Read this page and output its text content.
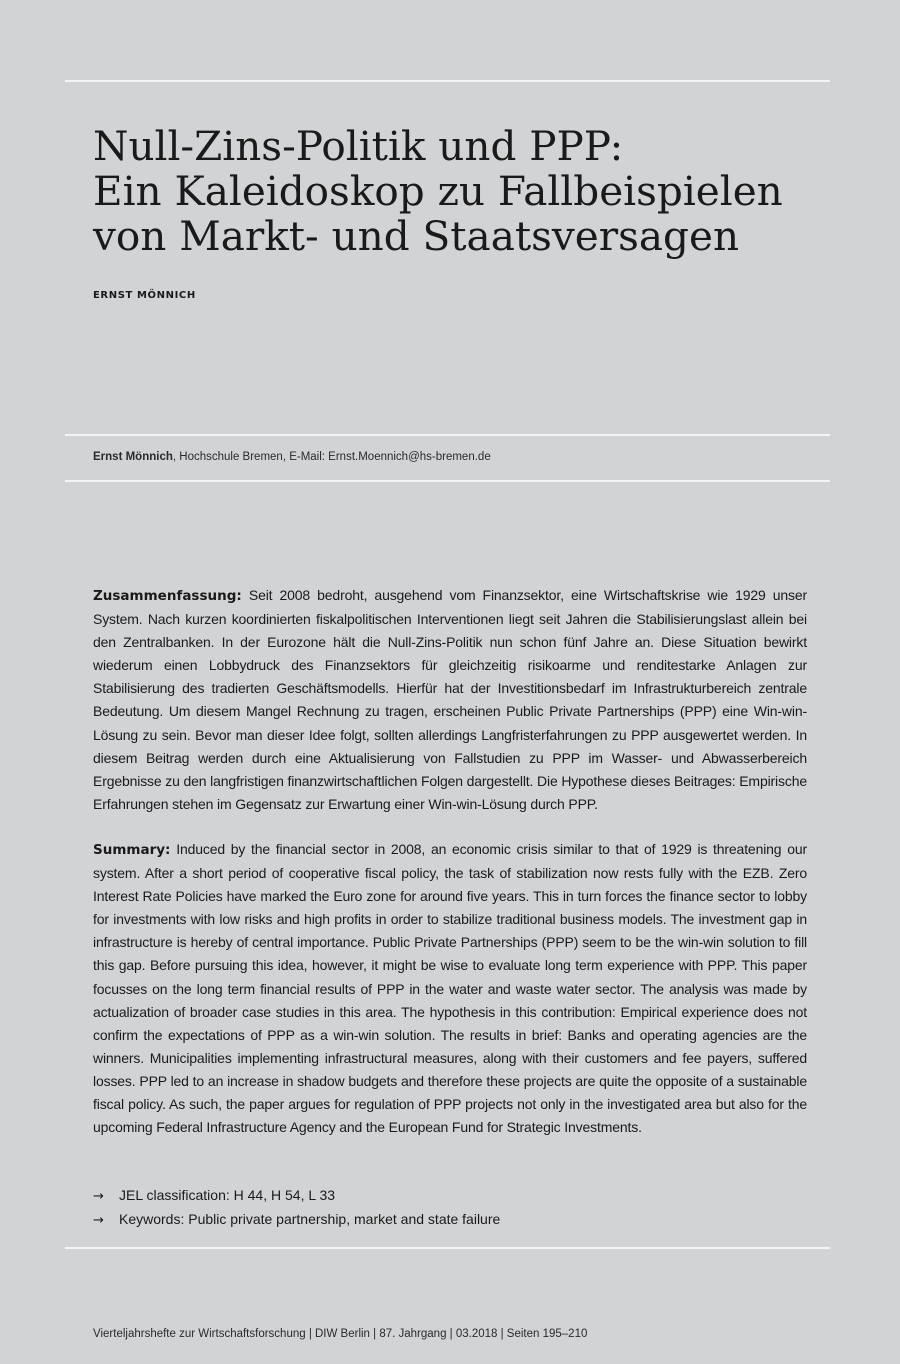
Null-Zins-Politik und PPP:
Ein Kaleidoskop zu Fallbeispielen
von Markt- und Staatsversagen
ERNST MÖNNICH
Ernst Mönnich, Hochschule Bremen, E-Mail: Ernst.Moennich@hs-bremen.de

Zusammenfassung: Seit 2008 bedroht, ausgehend vom Finanzsektor, eine Wirtschaftskrise wie 1929 unser System. Nach kurzen koordinierten fiskalpolitischen Interventionen liegt seit Jahren die Stabilisierungslast allein bei den Zentralbanken. In der Eurozone hält die Null-Zins-Politik nun schon fünf Jahre an. Diese Situation bewirkt wiederum einen Lobbydruck des Finanzsektors für gleichzeitig risikoarme und renditestarke Anlagen zur Stabilisierung des tradierten Geschäftsmodells. Hierfür hat der Investitionsbedarf im Infrastrukturbereich zentrale Bedeutung. Um diesem Mangel Rechnung zu tragen, erscheinen Public Private Partnerships (PPP) eine Win-win-Lösung zu sein. Bevor man dieser Idee folgt, sollten allerdings Langfristerfahrungen zu PPP ausgewertet werden. In diesem Beitrag werden durch eine Aktualisierung von Fallstudien zu PPP im Wasser- und Abwasserbereich Ergebnisse zu den langfristigen finanzwirtschaftlichen Folgen dargestellt. Die Hypothese dieses Beitrages: Empirische Erfahrungen stehen im Gegensatz zur Erwartung einer Win-win-Lösung durch PPP.

Summary: Induced by the financial sector in 2008, an economic crisis similar to that of 1929 is threatening our system. After a short period of cooperative fiscal policy, the task of stabilization now rests fully with the EZB. Zero Interest Rate Policies have marked the Euro zone for around five years. This in turn forces the finance sector to lobby for investments with low risks and high profits in order to stabilize traditional business models. The investment gap in infrastructure is hereby of central importance. Public Private Partnerships (PPP) seem to be the win-win solution to fill this gap. Before pursuing this idea, however, it might be wise to evaluate long term experience with PPP. This paper focusses on the long term financial results of PPP in the water and waste water sector. The analysis was made by actualization of broader case studies in this area. The hypothesis in this contribution: Empirical experience does not confirm the expectations of PPP as a win-win solution. The results in brief: Banks and operating agencies are the winners. Municipalities implementing infrastructural measures, along with their customers and fee payers, suffered losses. PPP led to an increase in shadow budgets and therefore these projects are quite the opposite of a sustainable fiscal policy. As such, the paper argues for regulation of PPP projects not only in the investigated area but also for the upcoming Federal Infrastructure Agency and the European Fund for Strategic Investments.

→ JEL classification: H 44, H 54, L 33
→ Keywords: Public private partnership, market and state failure
Vierteljahrshefte zur Wirtschaftsforschung | DIW Berlin | 87. Jahrgang | 03.2018 | Seiten 195–210
